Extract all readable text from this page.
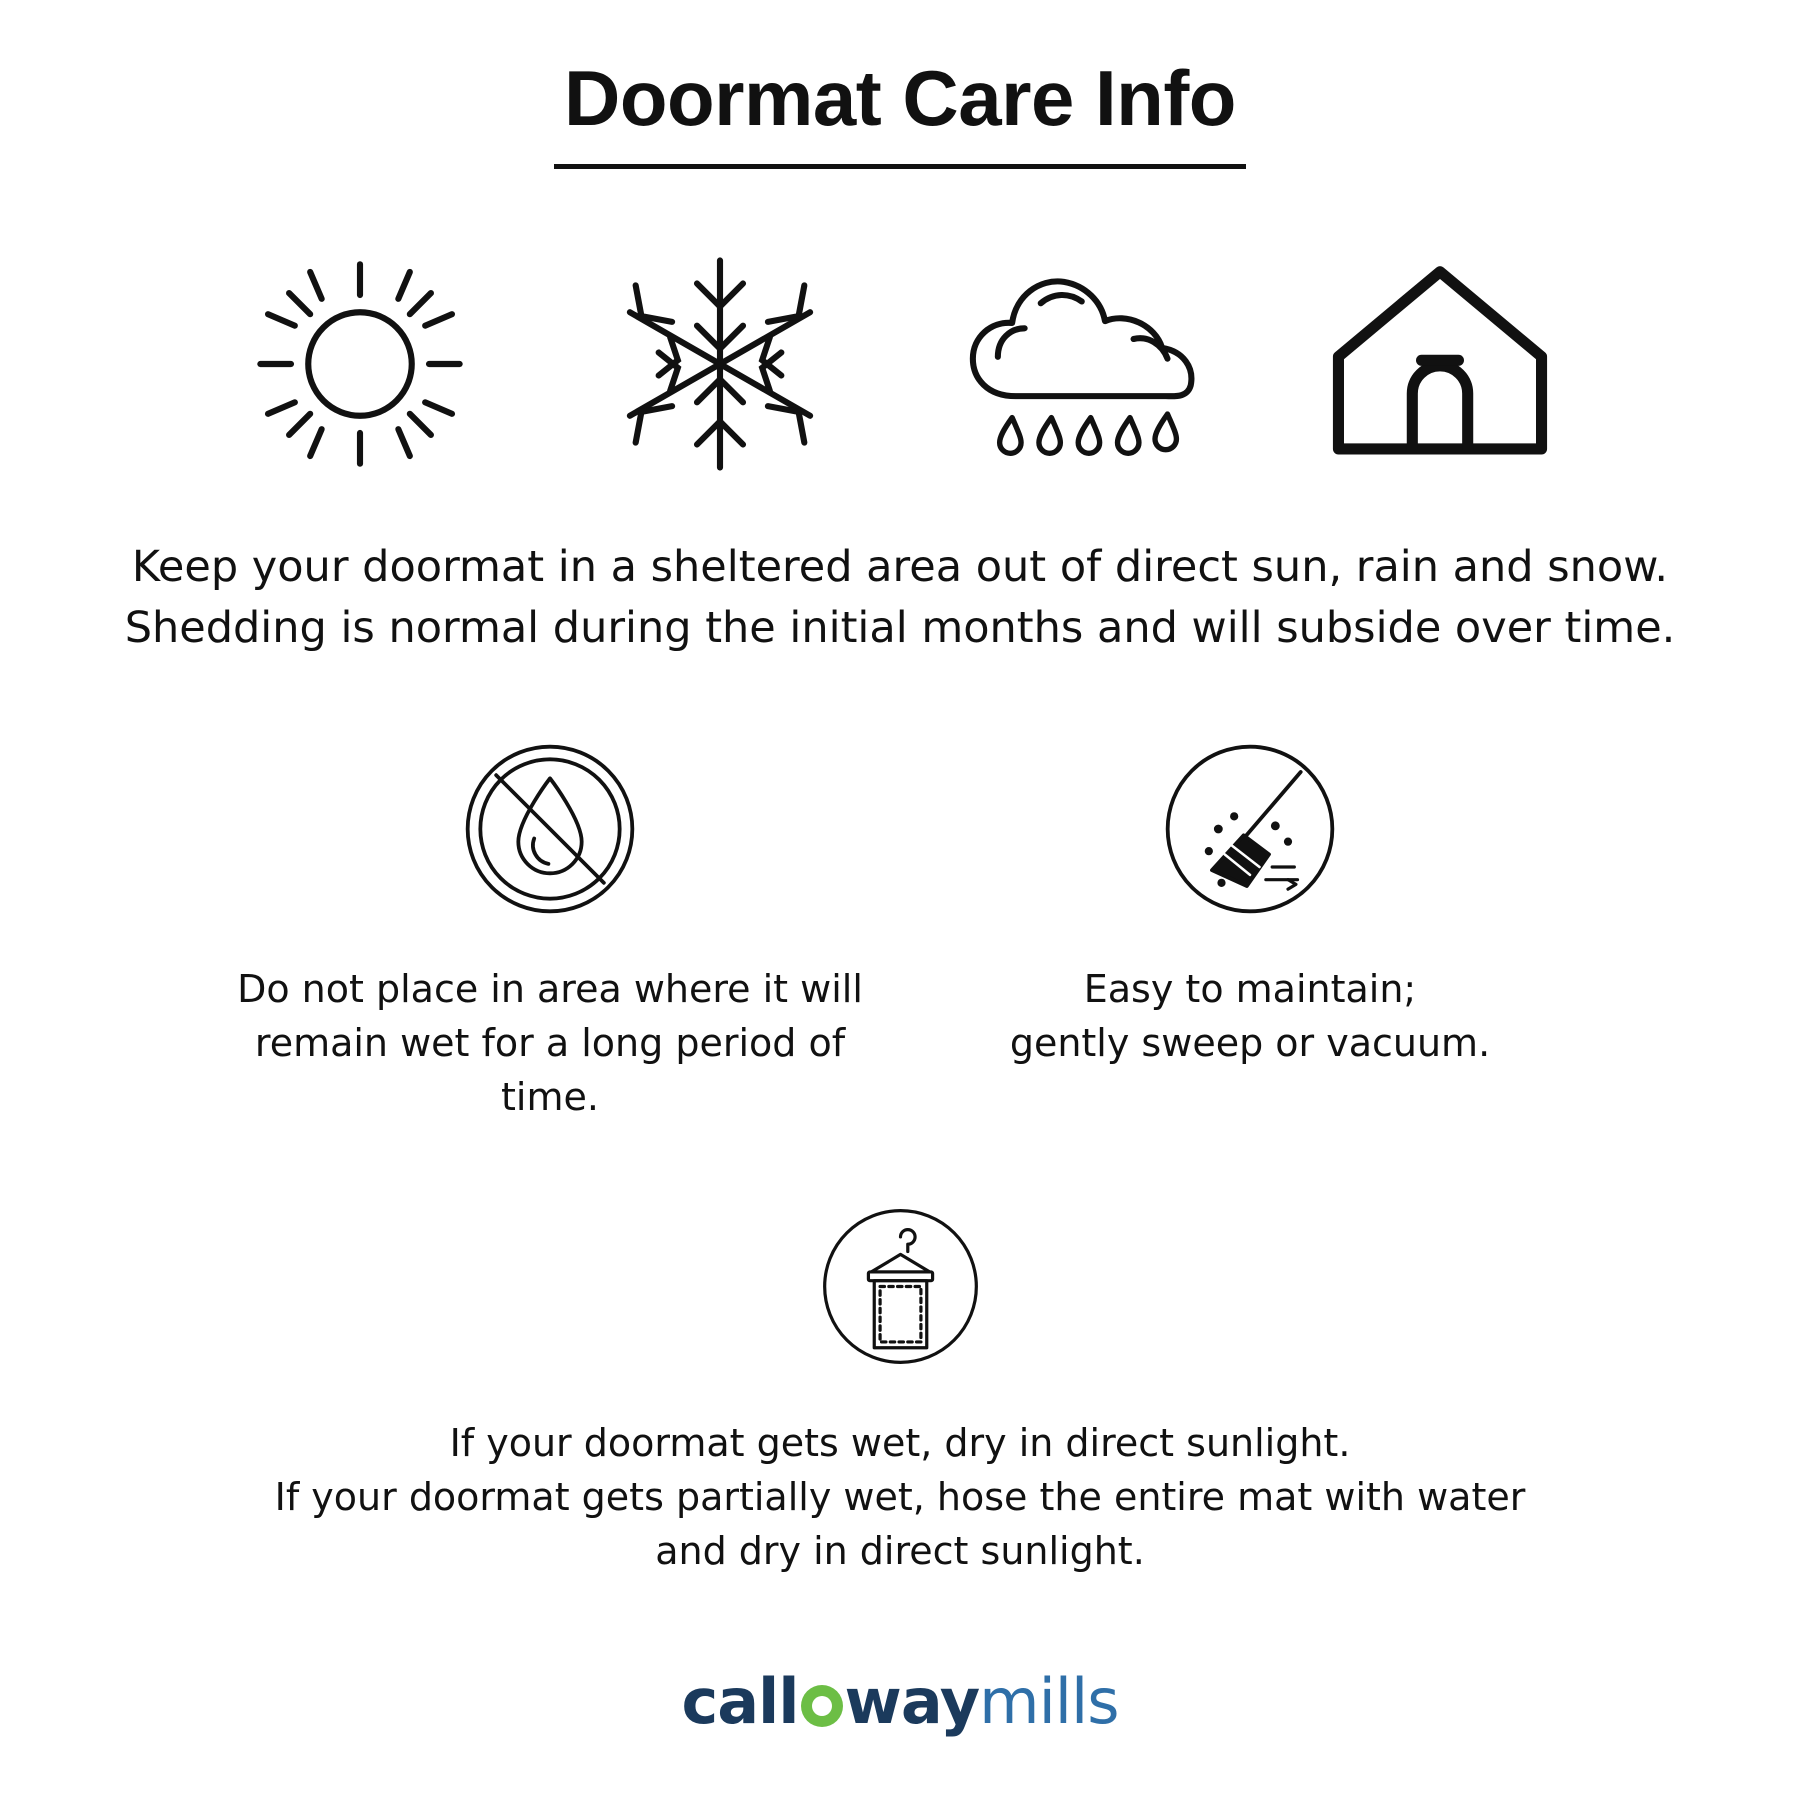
Doormat Care Info
Keep your doormat in a sheltered area out of direct sun, rain and snow.
Shedding is normal during the initial months and will subside over time.
Do not place in area where it will
remain wet for a long period of time.
Easy to maintain;
gently sweep or vacuum.
If your doormat gets wet, dry in direct sunlight.
If your doormat gets partially wet, hose the entire mat with water
and dry in direct sunlight.
call waymills
